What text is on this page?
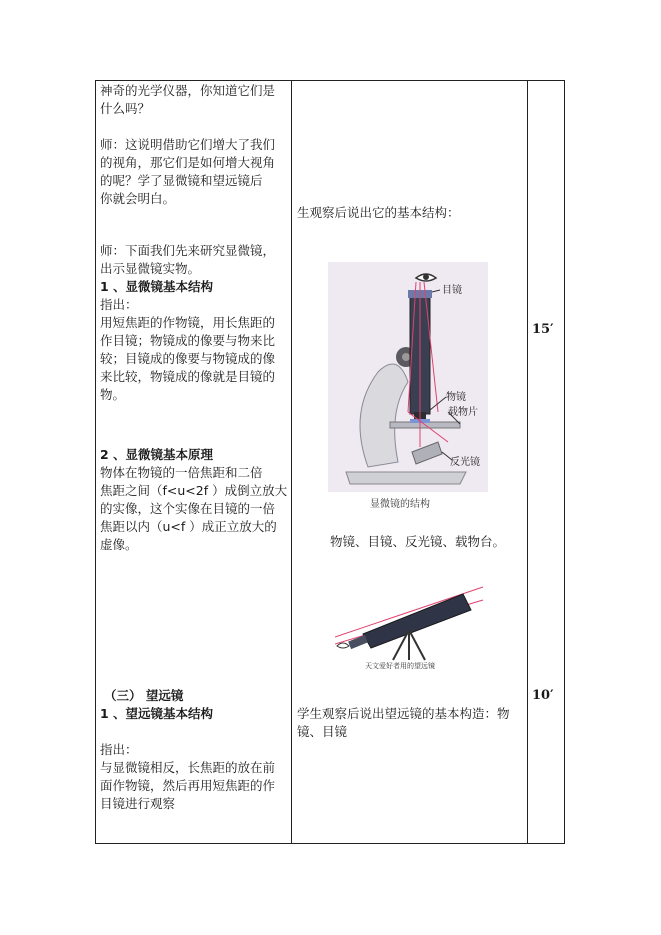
神奇的光学仪器，你知道它们是
什么吗？
师：这说明借助它们增大了我们
的视角，那它们是如何增大视角
的呢？学了显微镜和望远镜后
你就会明白。
师：下面我们先来研究显微镜，
出示显微镜实物。
1 、显微镜基本结构
指出：
用短焦距的作物镜，用长焦距的
作目镜；物镜成的像要与物来比
较；目镜成的像要与物镜成的像
来比较，物镜成的像就是目镜的
物。
2 、显微镜基本原理
物体在物镜的一倍焦距和二倍
焦距之间（f<u<2f ）成倒立放大
的实像，这个实像在目镜的一倍
焦距以内（u<f ）成正立放大的
虚像。
（三） 望远镜
1 、望远镜基本结构
指出：
与显微镜相反，长焦距的放在前
面作物镜，然后再用短焦距的作
目镜进行观察
生观察后说出它的基本结构：
目镜
物镜
载物片
反光镜
显微镜的结构
物镜、目镜、反光镜、载物台。
天文爱好者用的望远镜
学生观察后说出望远镜的基本构造：物
镜、目镜
15′
10′
